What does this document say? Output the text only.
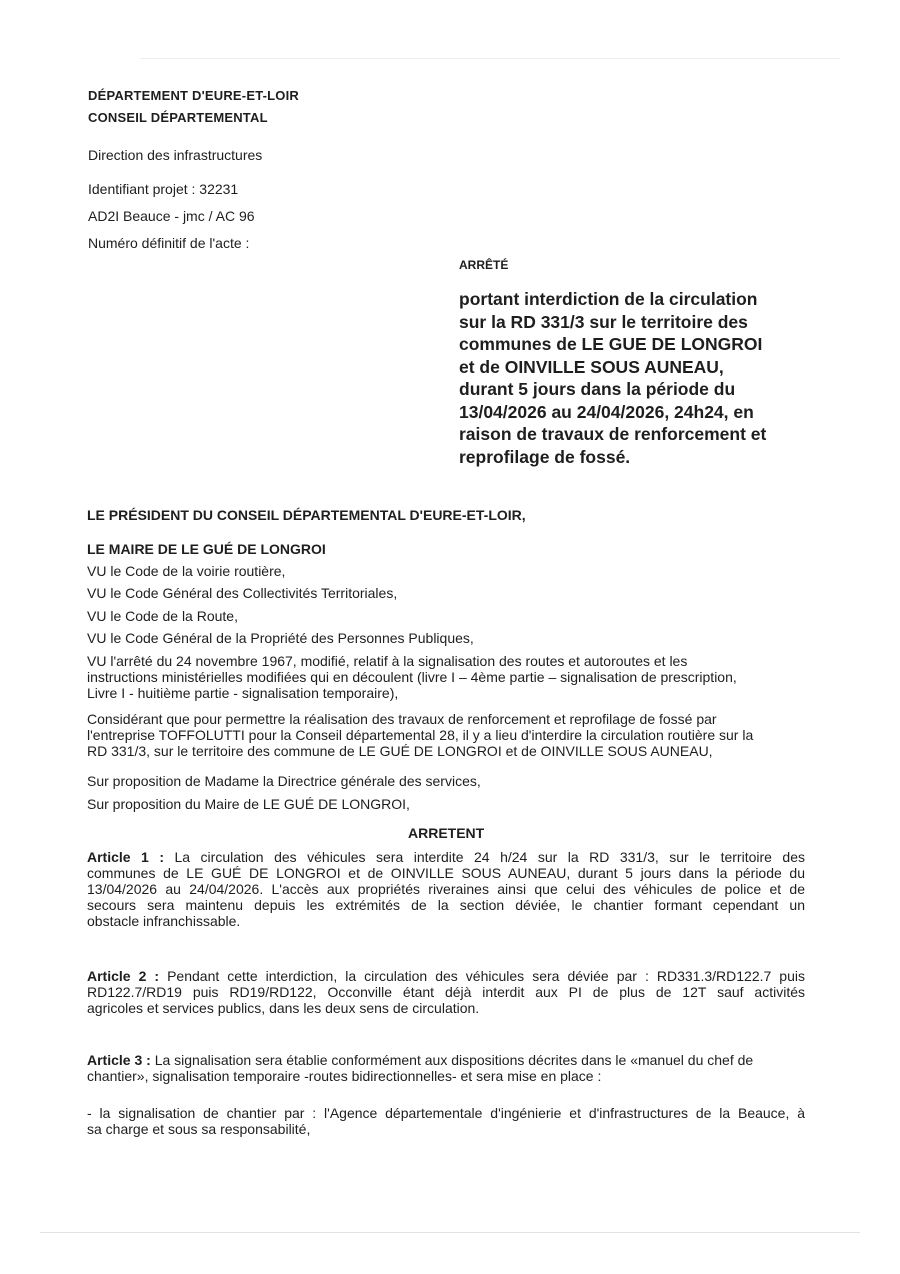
DÉPARTEMENT D'EURE-ET-LOIR
CONSEIL DÉPARTEMENTAL
Direction des infrastructures
Identifiant projet : 32231
AD2I Beauce - jmc / AC 96
Numéro définitif de l'acte :
ARRÊTÉ
portant interdiction de la circulation
sur la RD 331/3 sur le territoire des
communes de LE GUE DE LONGROI
et de OINVILLE SOUS AUNEAU,
durant 5 jours dans la période du
13/04/2026 au 24/04/2026, 24h24, en
raison de travaux de renforcement et
reprofilage de fossé.
LE PRÉSIDENT DU CONSEIL DÉPARTEMENTAL D'EURE-ET-LOIR,
LE MAIRE DE LE GUÉ DE LONGROI
VU le Code de la voirie routière,
VU le Code Général des Collectivités Territoriales,
VU le Code de la Route,
VU le Code Général de la Propriété des Personnes Publiques,
VU l'arrêté du 24 novembre 1967, modifié, relatif à la signalisation des routes et autoroutes et les
instructions ministérielles modifiées qui en découlent (livre I – 4ème partie – signalisation de prescription,
Livre I - huitième partie - signalisation temporaire),
Considérant que pour permettre la réalisation des travaux de renforcement et reprofilage de fossé par
l'entreprise TOFFOLUTTI pour la Conseil départemental 28, il y a lieu d'interdire la circulation routière sur la
RD 331/3, sur le territoire des commune de LE GUÉ DE LONGROI et de OINVILLE SOUS AUNEAU,
Sur proposition de Madame la Directrice générale des services,
Sur proposition du Maire de LE GUÉ DE LONGROI,
ARRETENT
Article 1 : La circulation des véhicules sera interdite 24 h/24 sur la RD 331/3, sur le territoire des
communes de LE GUÉ DE LONGROI et de OINVILLE SOUS AUNEAU, durant 5 jours dans la période du
13/04/2026 au 24/04/2026. L'accès aux propriétés riveraines ainsi que celui des véhicules de police et de
secours sera maintenu depuis les extrémités de la section déviée, le chantier formant cependant un
obstacle infranchissable.
Article 2 : Pendant cette interdiction, la circulation des véhicules sera déviée par : RD331.3/RD122.7 puis
RD122.7/RD19 puis RD19/RD122, Occonville étant déjà interdit aux PI de plus de 12T sauf activités
agricoles et services publics, dans les deux sens de circulation.
Article 3 : La signalisation sera établie conformément aux dispositions décrites dans le «manuel du chef de
chantier», signalisation temporaire -routes bidirectionnelles- et sera mise en place :
- la signalisation de chantier par : l'Agence départementale d'ingénierie et d'infrastructures de la Beauce, à
sa charge et sous sa responsabilité,
